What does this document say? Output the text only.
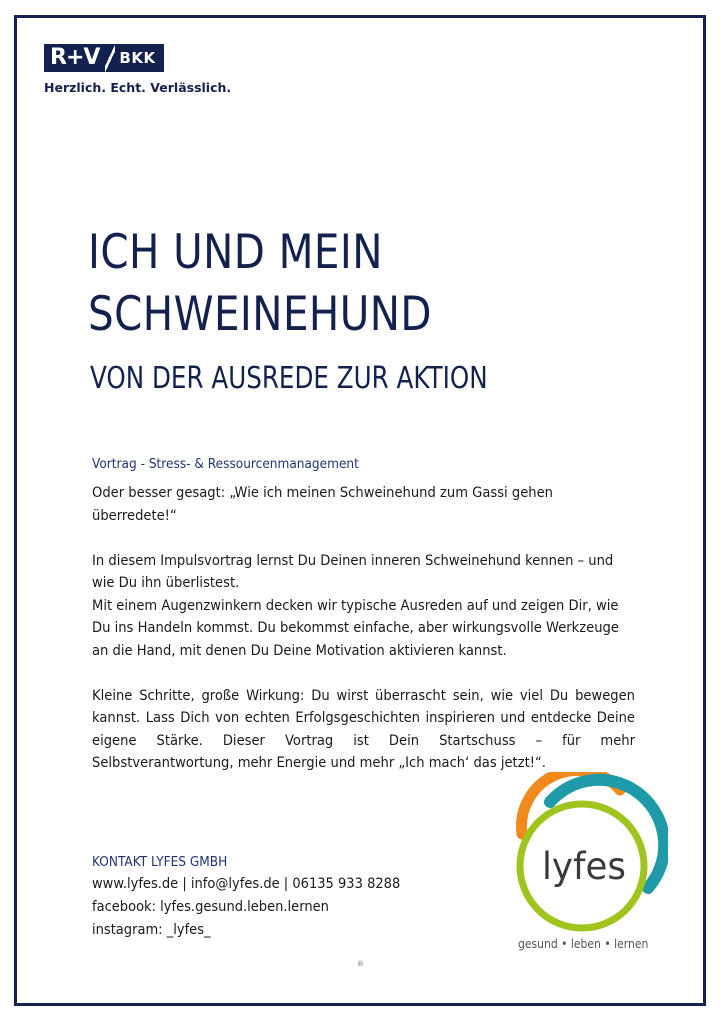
R+V	BKK
Herzlich. Echt. Verlässlich.
ICH UND MEIN
SCHWEINEHUND
VON DER AUSREDE ZUR AKTION
Vortrag - Stress- & Ressourcenmanagement

Oder besser gesagt: „Wie ich meinen Schweinehund zum Gassi gehen überredete!“

In diesem Impulsvortrag lernst Du Deinen inneren Schweinehund kennen – und wie Du ihn überlistest.

Mit einem Augenzwinkern decken wir typische Ausreden auf und zeigen Dir, wie Du ins Handeln kommst. Du bekommst einfache, aber wirkungsvolle Werkzeuge an die Hand, mit denen Du Deine Motivation aktivieren kannst.

Kleine Schritte, große Wirkung: Du wirst überrascht sein, wie viel Du bewegen kannst. Lass Dich von echten Erfolgsgeschichten inspirieren und entdecke Deine eigene Stärke. Dieser Vortrag ist Dein Startschuss – für mehr Selbstverantwortung, mehr Energie und mehr „Ich mach‘ das jetzt!“.

KONTAKT LYFES GMBH
www.lyfes.de | info@lyfes.de | 06135 933 8288
facebook: lyfes.gesund.leben.lernen
instagram: _lyfes_
lyfes
gesund • leben • lernen
®
